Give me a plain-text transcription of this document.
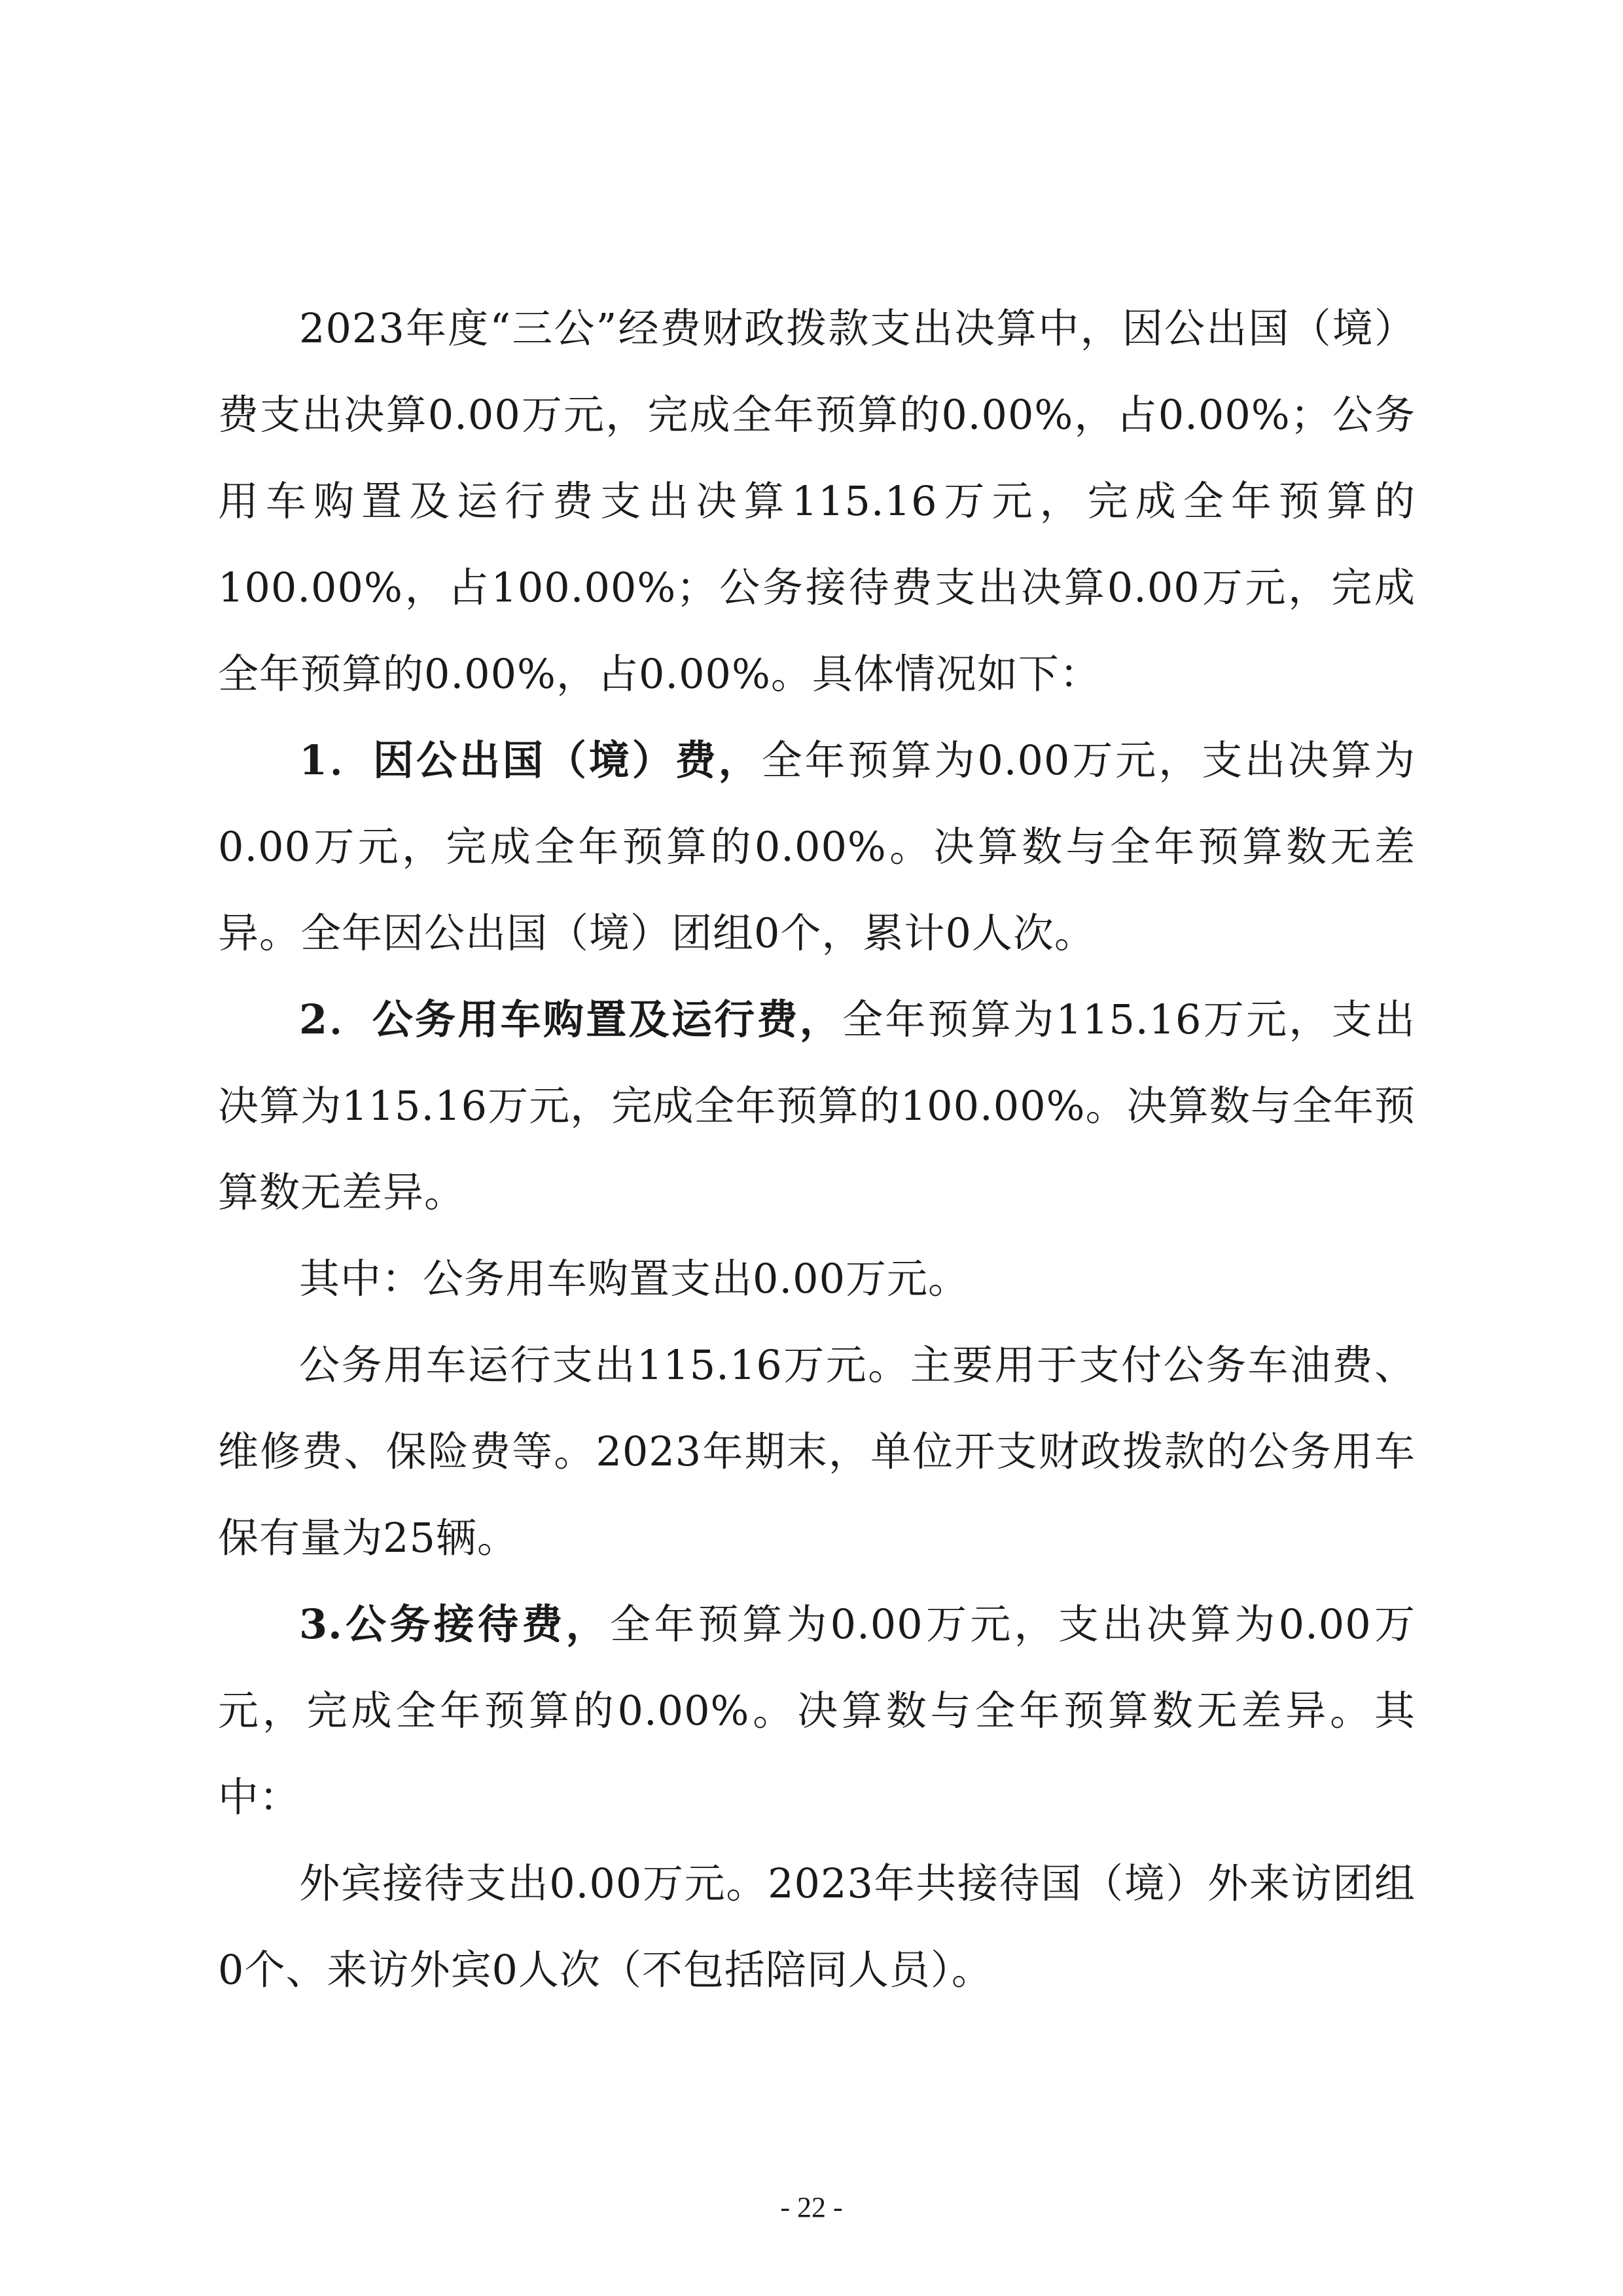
2023年度“三公”经费财政拨款支出决算中，因公出国（境）费支出决算0.00万元，完成全年预算的0.00%，占0.00%；公务用车购置及运行费支出决算115.16万元，完成全年预算的100.00%，占100.00%；公务接待费支出决算0.00万元，完成全年预算的0.00%，占0.00%。具体情况如下：

1．因公出国（境）费，全年预算为0.00万元，支出决算为0.00万元，完成全年预算的0.00%。决算数与全年预算数无差异。全年因公出国（境）团组0个，累计0人次。

2．公务用车购置及运行费，全年预算为115.16万元，支出决算为115.16万元，完成全年预算的100.00%。决算数与全年预算数无差异。

其中：公务用车购置支出0.00万元。

公务用车运行支出115.16万元。主要用于支付公务车油费、维修费、保险费等。2023年期末，单位开支财政拨款的公务用车保有量为25辆。

3.公务接待费，全年预算为0.00万元，支出决算为0.00万元，完成全年预算的0.00%。决算数与全年预算数无差异。其中：

外宾接待支出0.00万元。2023年共接待国（境）外来访团组0个、来访外宾0人次（不包括陪同人员）。

- 22 -
